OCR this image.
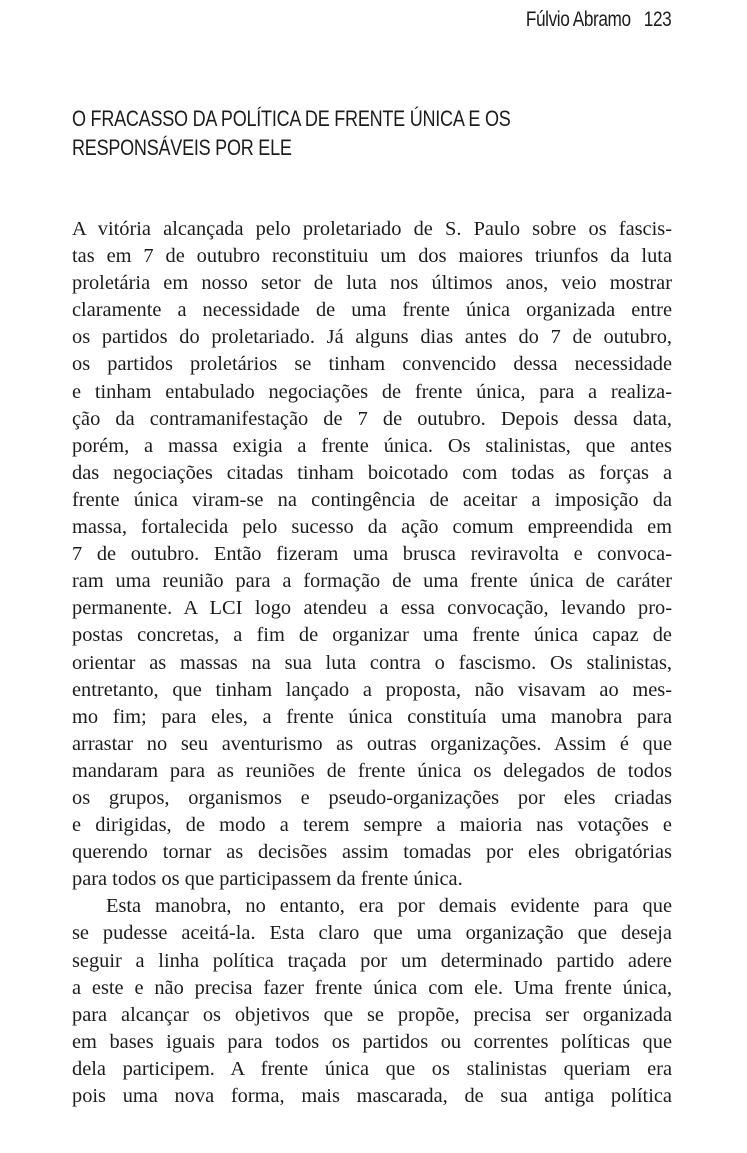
Fúlvio Abramo 123
O FRACASSO DA POLÍTICA DE FRENTE ÚNICA E OS
RESPONSÁVEIS POR ELE
A vitória alcançada pelo proletariado de S. Paulo sobre os fascis-
tas em 7 de outubro reconstituiu um dos maiores triunfos da luta
proletária em nosso setor de luta nos últimos anos, veio mostrar
claramente a necessidade de uma frente única organizada entre
os partidos do proletariado. Já alguns dias antes do 7 de outubro,
os partidos proletários se tinham convencido dessa necessidade
e tinham entabulado negociações de frente única, para a realiza-
ção da contramanifestação de 7 de outubro. Depois dessa data,
porém, a massa exigia a frente única. Os stalinistas, que antes
das negociações citadas tinham boicotado com todas as forças a
frente única viram-se na contingência de aceitar a imposição da
massa, fortalecida pelo sucesso da ação comum empreendida em
7 de outubro. Então fizeram uma brusca reviravolta e convoca-
ram uma reunião para a formação de uma frente única de caráter
permanente. A LCI logo atendeu a essa convocação, levando pro-
postas concretas, a fim de organizar uma frente única capaz de
orientar as massas na sua luta contra o fascismo. Os stalinistas,
entretanto, que tinham lançado a proposta, não visavam ao mes-
mo fim; para eles, a frente única constituía uma manobra para
arrastar no seu aventurismo as outras organizações. Assim é que
mandaram para as reuniões de frente única os delegados de todos
os grupos, organismos e pseudo-organizações por eles criadas
e dirigidas, de modo a terem sempre a maioria nas votações e
querendo tornar as decisões assim tomadas por eles obrigatórias
para todos os que participassem da frente única.
Esta manobra, no entanto, era por demais evidente para que
se pudesse aceitá-la. Esta claro que uma organização que deseja
seguir a linha política traçada por um determinado partido adere
a este e não precisa fazer frente única com ele. Uma frente única,
para alcançar os objetivos que se propõe, precisa ser organizada
em bases iguais para todos os partidos ou correntes políticas que
dela participem. A frente única que os stalinistas queriam era
pois uma nova forma, mais mascarada, de sua antiga política
